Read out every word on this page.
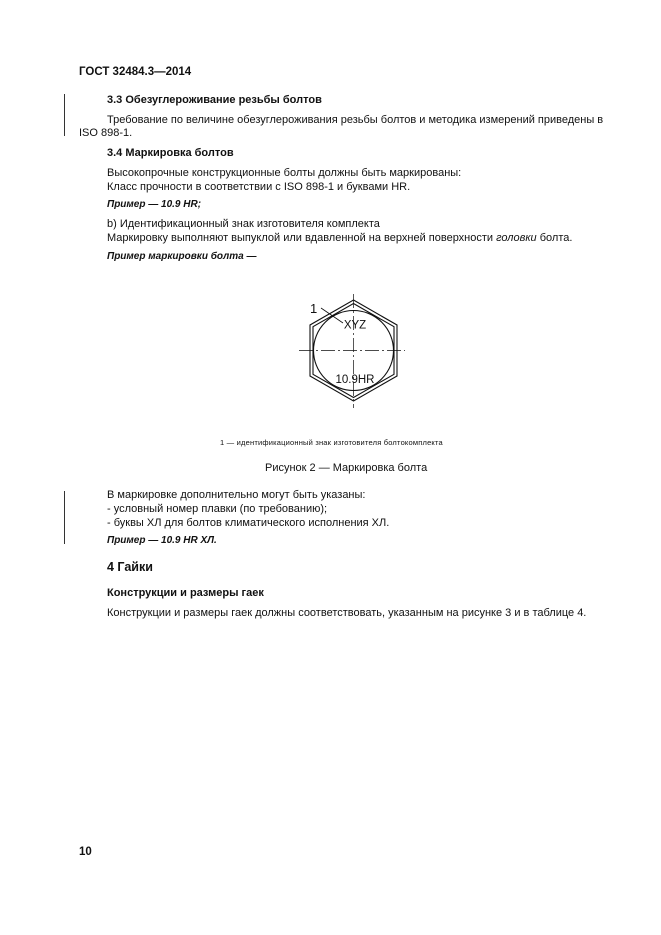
ГОСТ 32484.3—2014
3.3 Обезуглероживание резьбы болтов
Требование по величине обезуглероживания резьбы болтов и методика измерений приведены в
ISO 898-1.
3.4 Маркировка болтов
Высокопрочные конструкционные болты должны быть маркированы:
Класс прочности в соответствии с ISO 898-1 и буквами HR.
Пример — 10.9 HR;
b) Идентификационный знак изготовителя комплекта
Маркировку выполняют выпуклой или вдавленной на верхней поверхности головки болта.
Пример маркировки болта —
1
XYZ
10.9HR
1 — идентификационный знак изготовителя болтокомплекта
Рисунок 2 — Маркировка болта
В маркировке дополнительно могут быть указаны:
- условный номер плавки (по требованию);
- буквы ХЛ для болтов климатического исполнения ХЛ.
Пример — 10.9 HR ХЛ.
4 Гайки
Конструкции и размеры гаек
Конструкции и размеры гаек должны соответствовать, указанным на рисунке 3 и в таблице 4.
10
